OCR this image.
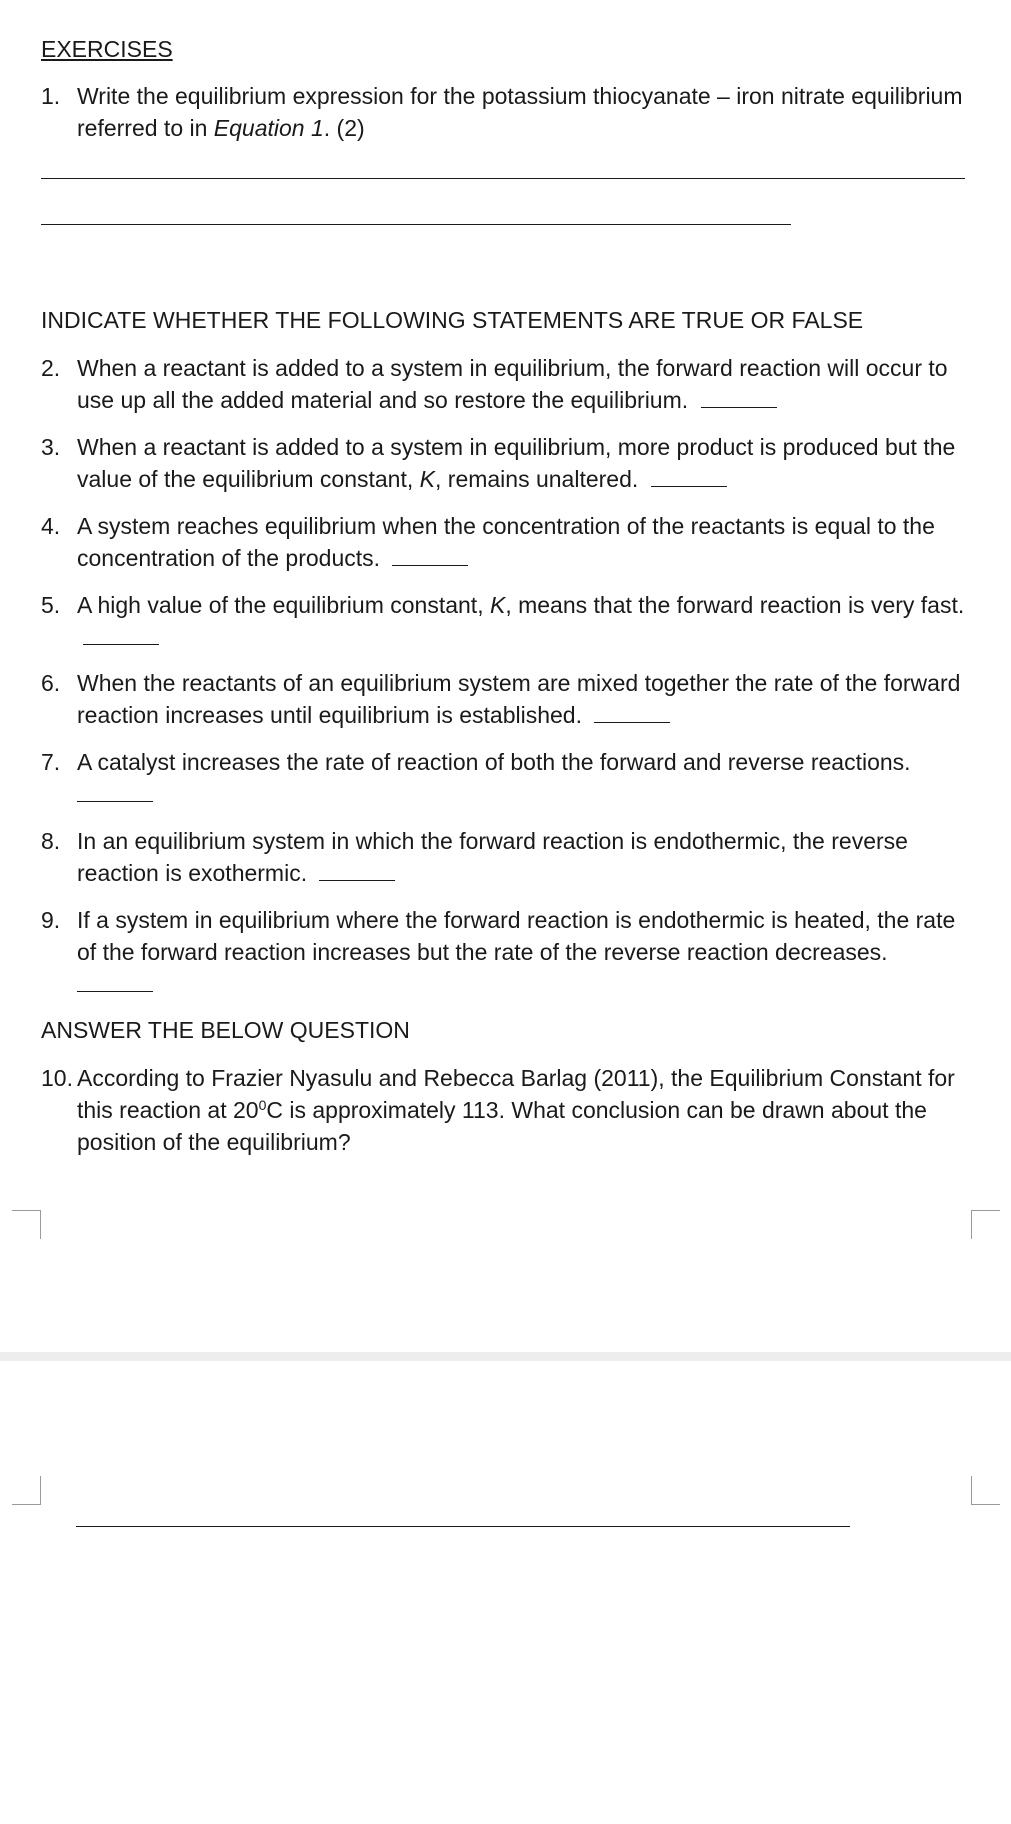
EXERCISES
1. Write the equilibrium expression for the potassium thiocyanate – iron nitrate equilibrium referred to in Equation 1. (2)
INDICATE WHETHER THE FOLLOWING STATEMENTS ARE TRUE OR FALSE
2. When a reactant is added to a system in equilibrium, the forward reaction will occur to use up all the added material and so restore the equilibrium.
3. When a reactant is added to a system in equilibrium, more product is produced but the value of the equilibrium constant, K, remains unaltered.
4. A system reaches equilibrium when the concentration of the reactants is equal to the concentration of the products.
5. A high value of the equilibrium constant, K, means that the forward reaction is very fast.
6. When the reactants of an equilibrium system are mixed together the rate of the forward reaction increases until equilibrium is established.
7. A catalyst increases the rate of reaction of both the forward and reverse reactions.

8. In an equilibrium system in which the forward reaction is endothermic, the reverse reaction is exothermic.
9. If a system in equilibrium where the forward reaction is endothermic is heated, the rate of the forward reaction increases but the rate of the reverse reaction decreases.

ANSWER THE BELOW QUESTION
10. According to Frazier Nyasulu and Rebecca Barlag (2011), the Equilibrium Constant for this reaction at $20^0C$ is approximately 113. What conclusion can be drawn about the position of the equilibrium?
